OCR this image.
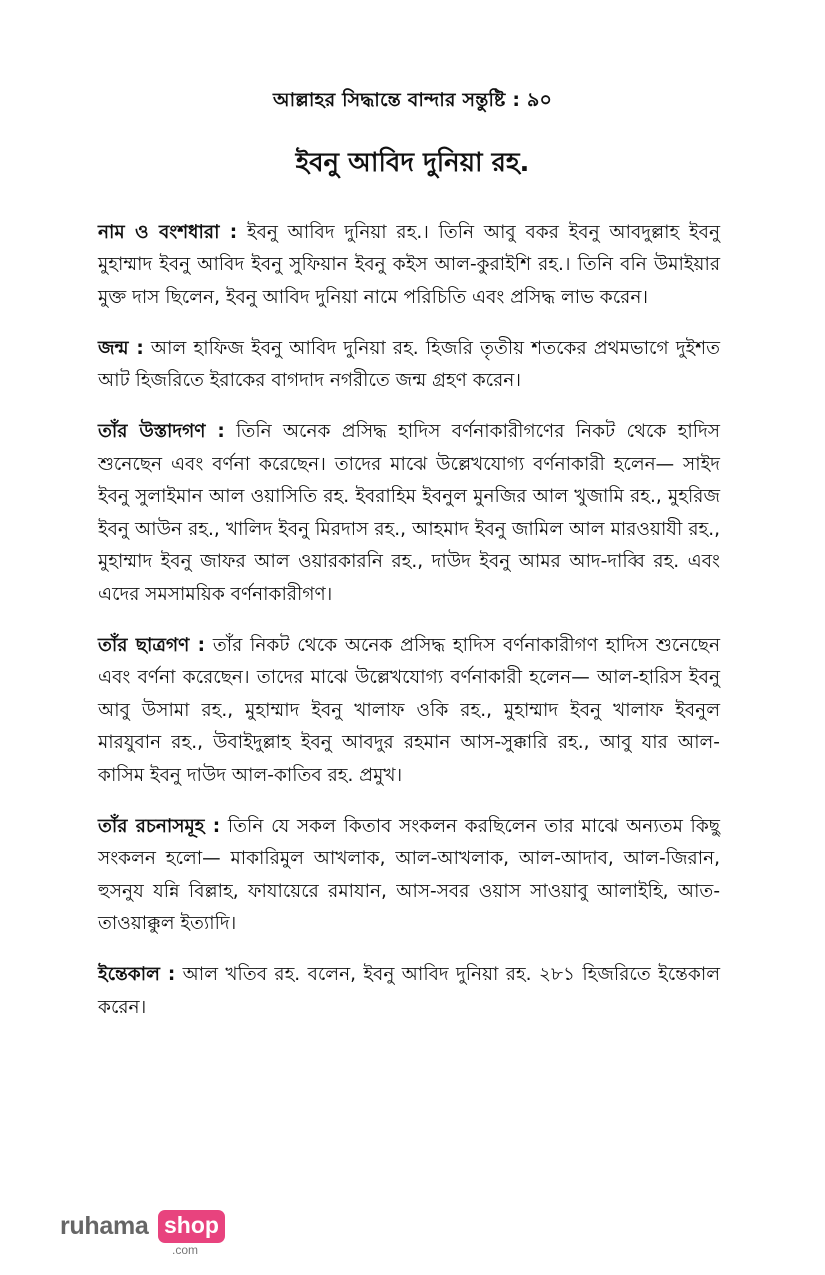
আল্লাহর সিদ্ধান্তে বান্দার সন্তুষ্টি : ৯০
ইবনু আবিদ দুনিয়া রহ.

নাম ও বংশধারা : ইবনু আবিদ দুনিয়া রহ.। তিনি আবু বকর ইবনু আবদুল্লাহ ইবনু মুহাম্মাদ ইবনু আবিদ ইবনু সুফিয়ান ইবনু কইস আল-কুরাইশি রহ.। তিনি বনি উমাইয়ার মুক্ত দাস ছিলেন, ইবনু আবিদ দুনিয়া নামে পরিচিতি এবং প্রসিদ্ধ লাভ করেন।

জন্ম : আল হাফিজ ইবনু আবিদ দুনিয়া রহ. হিজরি তৃতীয় শতকের প্রথমভাগে দুইশত আট হিজরিতে ইরাকের বাগদাদ নগরীতে জন্ম গ্রহণ করেন।

তাঁর উস্তাদগণ : তিনি অনেক প্রসিদ্ধ হাদিস বর্ণনাকারীগণের নিকট থেকে হাদিস শুনেছেন এবং বর্ণনা করেছেন। তাদের মাঝে উল্লেখযোগ্য বর্ণনাকারী হলেন— সাইদ ইবনু সুলাইমান আল ওয়াসিতি রহ. ইবরাহিম ইবনুল মুনজির আল খুজামি রহ., মুহরিজ ইবনু আউন রহ., খালিদ ইবনু মিরদাস রহ., আহমাদ ইবনু জামিল আল মারওয়াযী রহ., মুহাম্মাদ ইবনু জাফর আল ওয়ারকারনি রহ., দাউদ ইবনু আমর আদ-দাব্বি রহ. এবং এদের সমসাময়িক বর্ণনাকারীগণ।

তাঁর ছাত্রগণ : তাঁর নিকট থেকে অনেক প্রসিদ্ধ হাদিস বর্ণনাকারীগণ হাদিস শুনেছেন এবং বর্ণনা করেছেন। তাদের মাঝে উল্লেখযোগ্য বর্ণনাকারী হলেন— আল-হারিস ইবনু আবু উসামা রহ., মুহাম্মাদ ইবনু খালাফ ওকি রহ., মুহাম্মাদ ইবনু খালাফ ইবনুল মারযুবান রহ., উবাইদুল্লাহ ইবনু আবদুর রহমান আস-সুক্কারি রহ., আবু যার আল-কাসিম ইবনু দাউদ আল-কাতিব রহ. প্রমুখ।

তাঁর রচনাসমূহ : তিনি যে সকল কিতাব সংকলন করছিলেন তার মাঝে অন্যতম কিছু সংকলন হলো— মাকারিমুল আখলাক, আল-আখলাক, আল-আদাব, আল-জিরান, হুসনুয যন্নি বিল্লাহ, ফাযায়েরে রমাযান, আস-সবর ওয়াস সাওয়াবু আলাইহি, আত-তাওয়াক্কুল ইত্যাদি।

ইন্তেকাল : আল খতিব রহ. বলেন, ইবনু আবিদ দুনিয়া রহ. ২৮১ হিজরিতে ইন্তেকাল করেন।

ruhama shop
.com
